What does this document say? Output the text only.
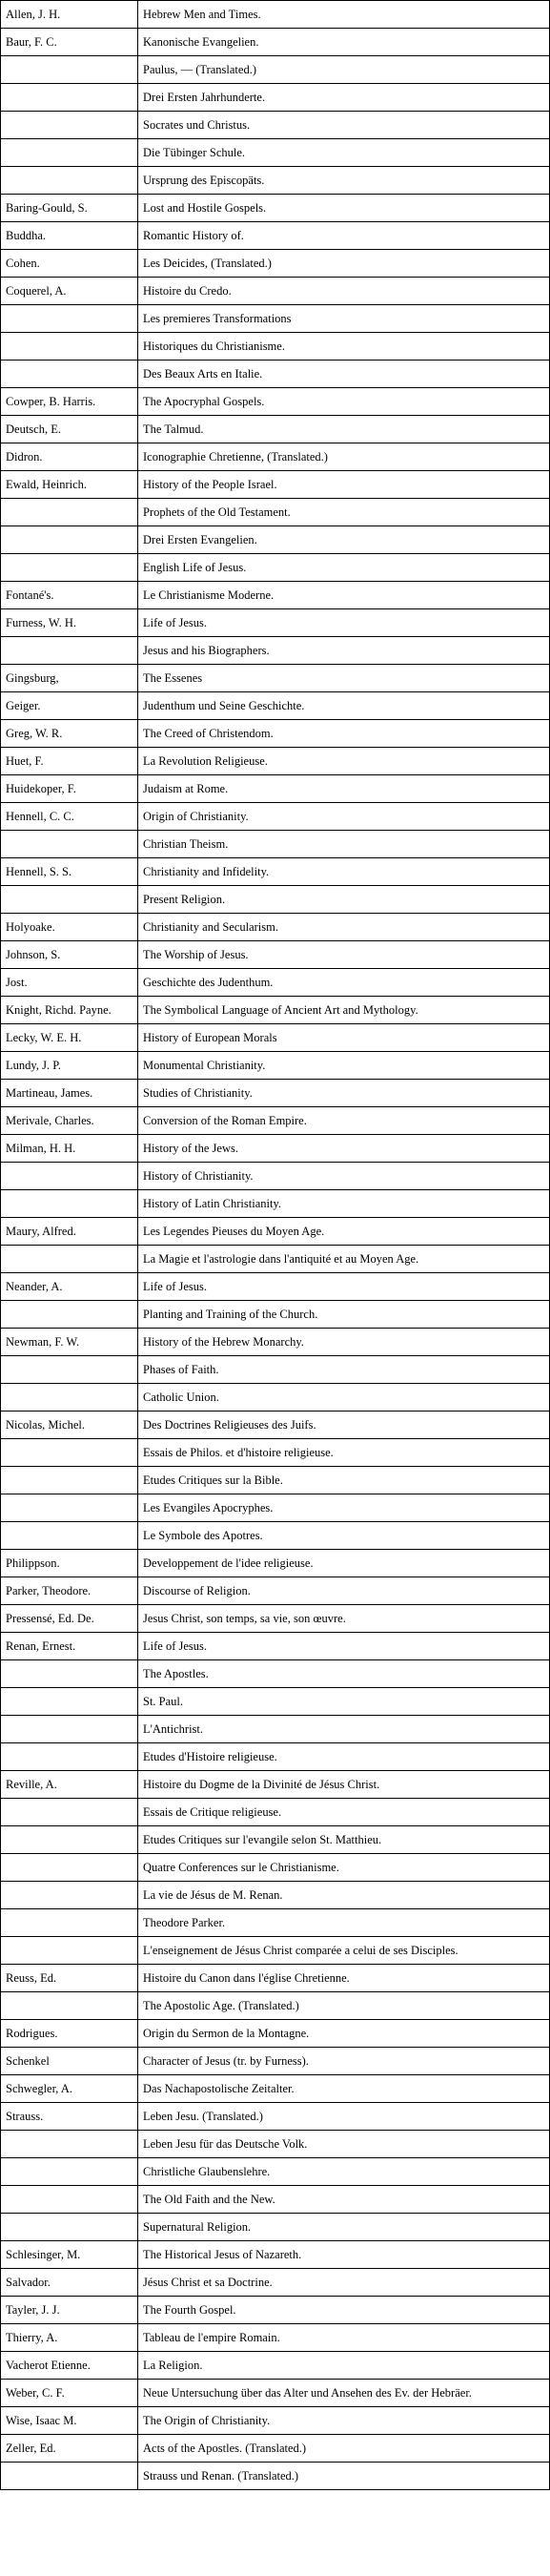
Allen, J. H.	Hebrew Men and Times.
Baur, F. C.	Kanonische Evangelien.
	Paulus, — (Translated.)
	Drei Ersten Jahrhunderte.
	Socrates und Christus.
	Die Tübinger Schule.
	Ursprung des Episcopäts.
Baring-Gould, S.	Lost and Hostile Gospels.
Buddha.	Romantic History of.
Cohen.	Les Deicides, (Translated.)
Coquerel, A.	Histoire du Credo.
	Les premieres Transformations
	Historiques du Christianisme.
	Des Beaux Arts en Italie.
Cowper, B. Harris.	The Apocryphal Gospels.
Deutsch, E.	The Talmud.
Didron.	Iconographie Chretienne, (Translated.)
Ewald, Heinrich.	History of the People Israel.
	Prophets of the Old Testament.
	Drei Ersten Evangelien.
	English Life of Jesus.
Fontané's.	Le Christianisme Moderne.
Furness, W. H.	Life of Jesus.
	Jesus and his Biographers.
Gingsburg,	The Essenes
Geiger.	Judenthum und Seine Geschichte.
Greg, W. R.	The Creed of Christendom.
Huet, F.	La Revolution Religieuse.
Huidekoper, F.	Judaism at Rome.
Hennell, C. C.	Origin of Christianity.
	Christian Theism.
Hennell, S. S.	Christianity and Infidelity.
	Present Religion.
Holyoake.	Christianity and Secularism.
Johnson, S.	The Worship of Jesus.
Jost.	Geschichte des Judenthum.
Knight, Richd. Payne.	The Symbolical Language of Ancient Art and Mythology.
Lecky, W. E. H.	History of European Morals
Lundy, J. P.	Monumental Christianity.
Martineau, James.	Studies of Christianity.
Merivale, Charles.	Conversion of the Roman Empire.
Milman, H. H.	History of the Jews.
	History of Christianity.
	History of Latin Christianity.
Maury, Alfred.	Les Legendes Pieuses du Moyen Age.
	La Magie et l'astrologie dans l'antiquité et au Moyen Age.
Neander, A.	Life of Jesus.
	Planting and Training of the Church.
Newman, F. W.	History of the Hebrew Monarchy.
	Phases of Faith.
	Catholic Union.
Nicolas, Michel.	Des Doctrines Religieuses des Juifs.
	Essais de Philos. et d'histoire religieuse.
	Etudes Critiques sur la Bible.
	Les Evangiles Apocryphes.
	Le Symbole des Apotres.
Philippson.	Developpement de l'idee religieuse.
Parker, Theodore.	Discourse of Religion.
Pressensé, Ed. De.	Jesus Christ, son temps, sa vie, son œuvre.
Renan, Ernest.	Life of Jesus.
	The Apostles.
	St. Paul.
	L'Antichrist.
	Etudes d'Histoire religieuse.
Reville, A.	Histoire du Dogme de la Divinité de Jésus Christ.
	Essais de Critique religieuse.
	Etudes Critiques sur l'evangile selon St. Matthieu.
	Quatre Conferences sur le Christianisme.
	La vie de Jésus de M. Renan.
	Theodore Parker.
	L'enseignement de Jésus Christ comparée a celui de ses Disciples.
Reuss, Ed.	Histoire du Canon dans l'église Chretienne.
	The Apostolic Age. (Translated.)
Rodrigues.	Origin du Sermon de la Montagne.
Schenkel	Character of Jesus (tr. by Furness).
Schwegler, A.	Das Nachapostolische Zeitalter.
Strauss.	Leben Jesu. (Translated.)
	Leben Jesu für das Deutsche Volk.
	Christliche Glaubenslehre.
	The Old Faith and the New.
	Supernatural Religion.
Schlesinger, M.	The Historical Jesus of Nazareth.
Salvador.	Jésus Christ et sa Doctrine.
Tayler, J. J.	The Fourth Gospel.
Thierry, A.	Tableau de l'empire Romain.
Vacherot Etienne.	La Religion.
Weber, C. F.	Neue Untersuchung über das Alter und Ansehen des Ev. der Hebräer.
Wise, Isaac M.	The Origin of Christianity.
Zeller, Ed.	Acts of the Apostles. (Translated.)
	Strauss und Renan. (Translated.)
